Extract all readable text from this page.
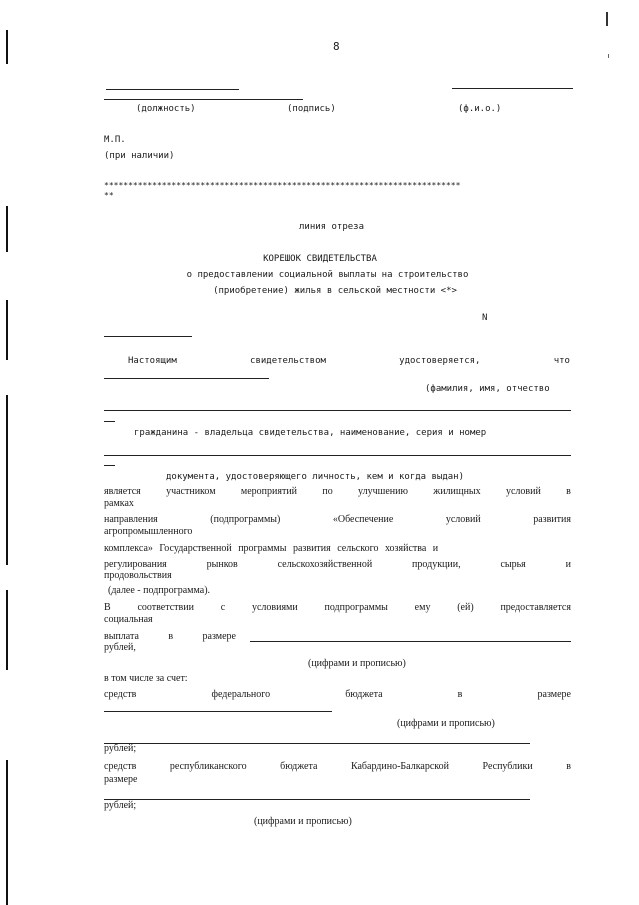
8
(должность)	(подпись)	(ф.и.о.)
М.П.
(при наличии)
**************************************************************************
**
линия отреза
КОРЕШОК СВИДЕТЕЛЬСТВА
о предоставлении социальной выплаты на строительство
(приобретение) жилья в сельской местности <*>
N
Настоящим	свидетельством	удостоверяется,	что
(фамилия, имя, отчество
гражданина - владельца свидетельства, наименование, серия и номер
документа, удостоверяющего личность, кем и когда выдан)
является	участником	мероприятий	по	улучшению	жилищных	условий	в
рамках
направления	(подпрограммы)	«Обеспечение	условий	развития
агропромышленного
комплекса» Государственной программы развития сельского хозяйства и
регулирования	рынков	сельскохозяйственной	продукции,	сырья	и
продовольствия
(далее - подпрограмма).
В	соответствии	с	условиями	подпрограммы	ему	(ей)	предоставляется
социальная
выплата	в	размере
рублей,
(цифрами и прописью)
в том числе за счет:
средств	федерального	бюджета	в	размере
(цифрами и прописью)
рублей;
средств	республиканского	бюджета	Кабардино-Балкарской	Республики	в
размере
рублей;
(цифрами и прописью)
